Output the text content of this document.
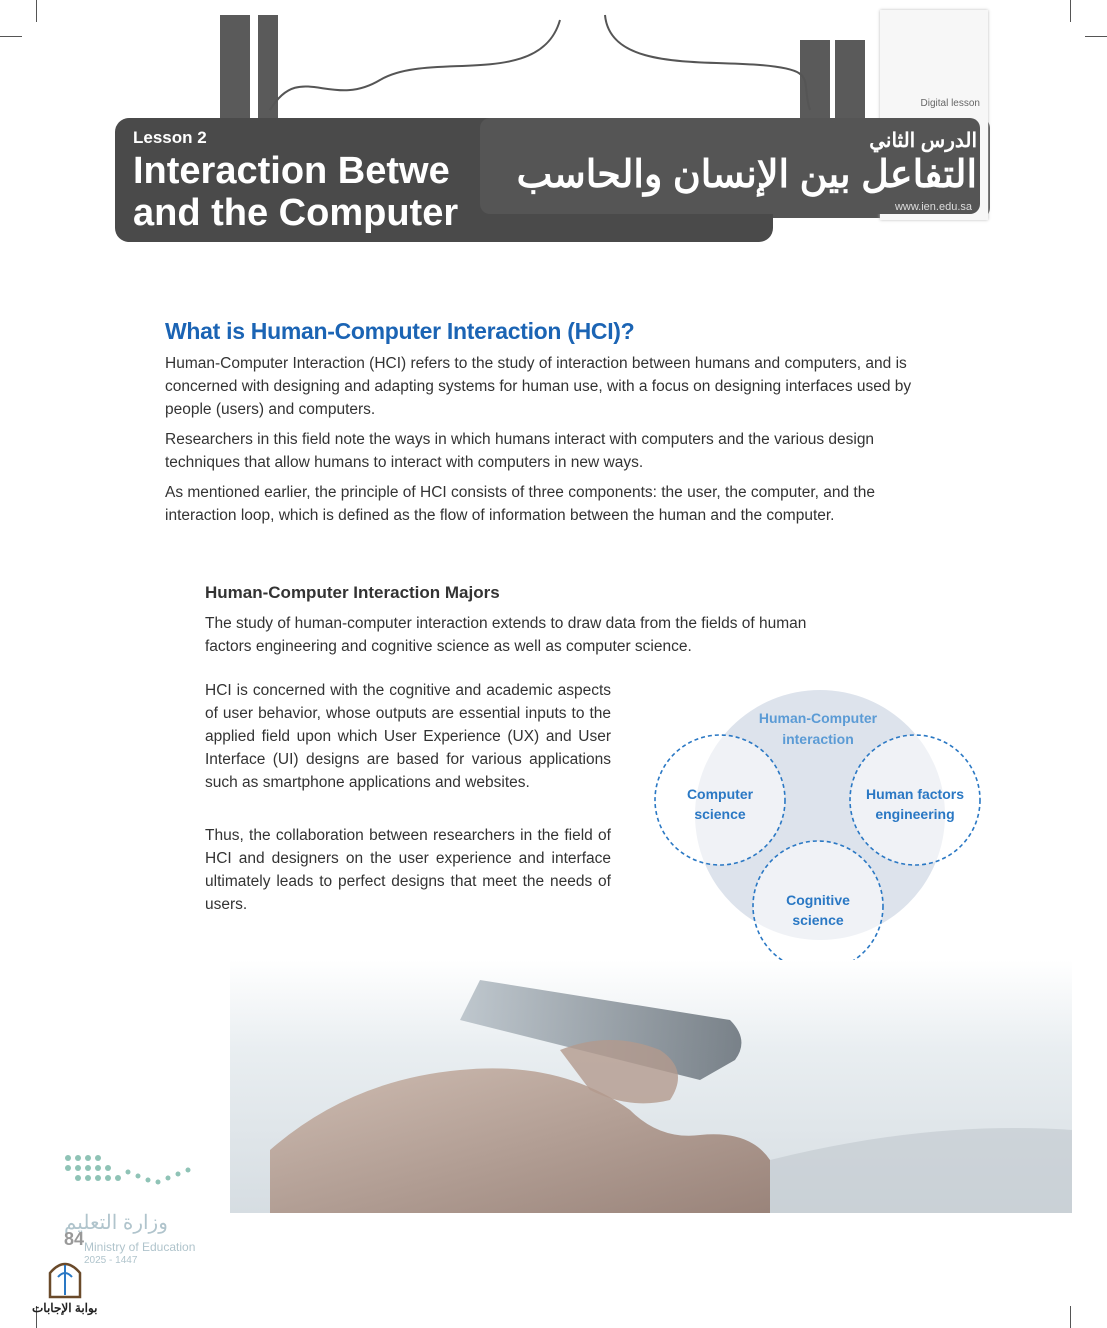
Digital lesson
www.ien.edu.sa
Lesson 2
Interaction Betwe
and the Computer
الدرس الثاني
التفاعل بين الإنسان والحاسب
What is Human-Computer Interaction (HCI)?

Human-Computer Interaction (HCI) refers to the study of interaction between humans and computers, and is concerned with designing and adapting systems for human use, with a focus on designing interfaces used by people (users) and computers.

Researchers in this field note the ways in which humans interact with computers and the various design techniques that allow humans to interact with computers in new ways.

As mentioned earlier, the principle of HCI consists of three components: the user, the computer, and the interaction loop, which is defined as the flow of information between the human and the computer.

Human-Computer Interaction Majors

The study of human-computer interaction extends to draw data from the fields of human factors engineering and cognitive science as well as computer science.

HCI is concerned with the cognitive and academic aspects of user behavior, whose outputs are essential inputs to the applied field upon which User Experience (UX) and User Interface (UI) designs are based for various applications such as smartphone applications and websites.

Thus, the collaboration between researchers in the field of HCI and designers on the user experience and interface ultimately leads to perfect designs that meet the needs of users.

Human-Computer
interaction
Computer
science
Human factors
engineering
Cognitive
science
وزارة التعليم
84 Ministry of Education
2025 - 1447
بوابة الإجابات
